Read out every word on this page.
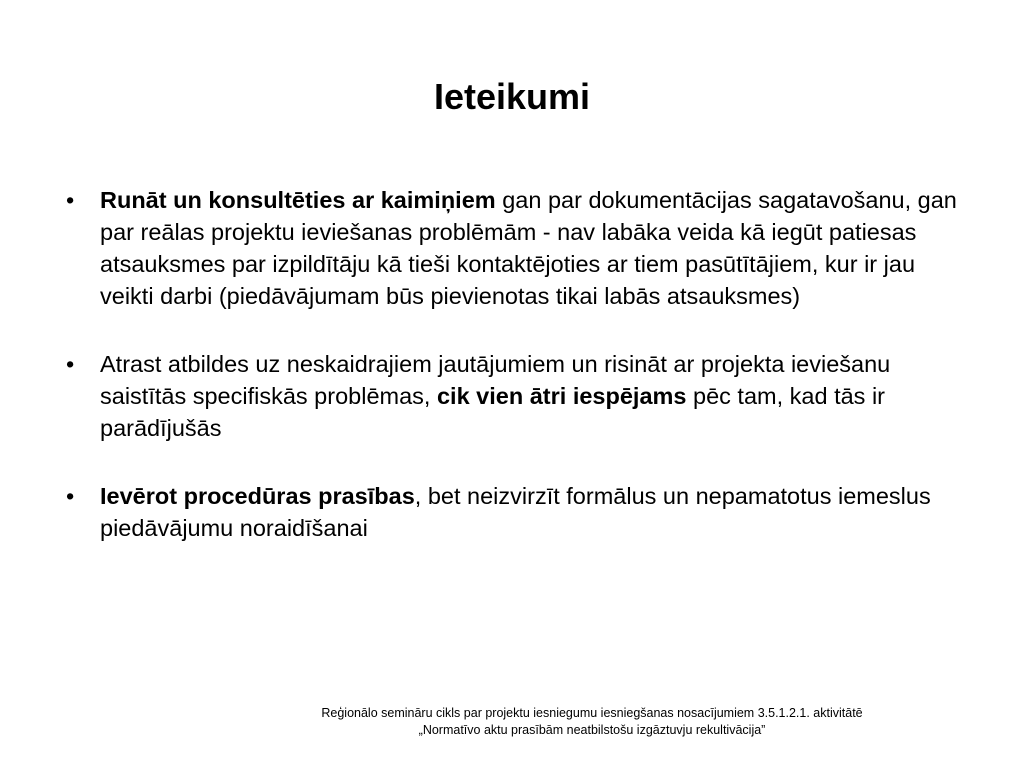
Ieteikumi
•	Runāt un konsultēties ar kaimiņiem gan par dokumentācijas sagatavošanu, gan par reālas projektu ieviešanas problēmām - nav labāka veida kā iegūt patiesas atsauksmes par izpildītāju kā tieši kontaktējoties ar tiem pasūtītājiem, kur ir jau veikti darbi (piedāvājumam būs pievienotas tikai labās atsauksmes)
•	Atrast atbildes uz neskaidrajiem jautājumiem un risināt ar projekta ieviešanu saistītās specifiskās problēmas, cik vien ātri iespējams pēc tam, kad tās ir parādījušās
•	Ievērot procedūras prasības, bet neizvirzīt formālus un nepamatotus iemeslus piedāvājumu noraidīšanai
Reģionālo semināru cikls par projektu iesniegumu iesniegšanas nosacījumiem 3.5.1.2.1. aktivitātē
„Normatīvo aktu prasībām neatbilstošu izgāztuvju rekultivācija”
